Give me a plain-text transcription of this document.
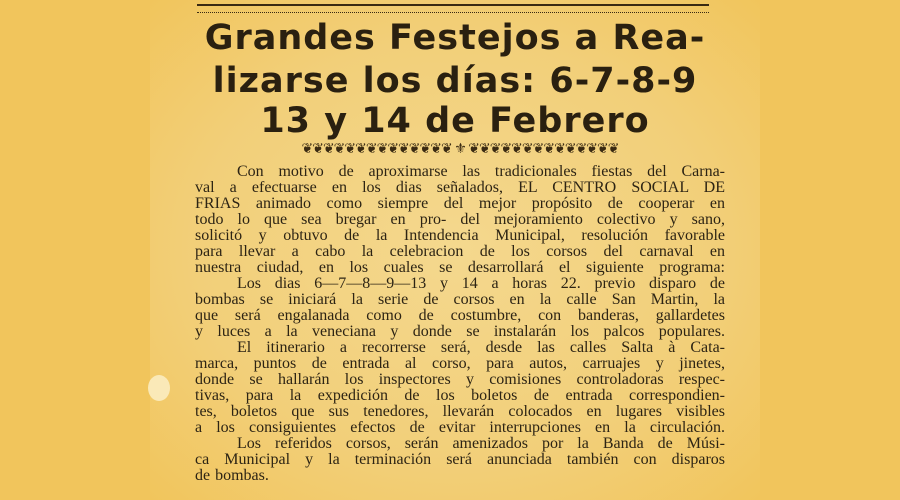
Grandes Festejos a Rea-
lizarse los días: 6-7-8-9
13 y 14 de Febrero
❦❦❦❦❦❦❦❦❦❦❦❦❦❦ ⚜ ❦❦❦❦❦❦❦❦❦❦❦❦❦❦
Con motivo de aproximarse las tradicionales fiestas del Carna-
val a efectuarse en los dias señalados, EL CENTRO SOCIAL DE
FRIAS animado como siempre del mejor propósito de cooperar en
todo lo que sea bregar en pro- del mejoramiento colectivo y sano,
solicitó y obtuvo de la Intendencia Municipal, resolución favorable
para llevar a cabo la celebracion de los corsos del carnaval en
nuestra ciudad, en los cuales se desarrollará el siguiente programa:
Los dias 6—7—8—9—13 y 14 a horas 22. previo disparo de
bombas se iniciará la serie de corsos en la calle San Martin, la
que será engalanada como de costumbre, con banderas, gallardetes
y luces a la veneciana y donde se instalarán los palcos populares.
El itinerario a recorrerse será, desde las calles Salta à Cata-
marca, puntos de entrada al corso, para autos, carruajes y jinetes,
donde se hallarán los inspectores y comisiones controladoras respec-
tivas, para la expedición de los boletos de entrada correspondien-
tes, boletos que sus tenedores, llevarán colocados en lugares visibles
a los consiguientes efectos de evitar interrupciones en la circulación.
Los referidos corsos, serán amenizados por la Banda de Músi-
ca Municipal y la terminación será anunciada también con disparos
de bombas.
